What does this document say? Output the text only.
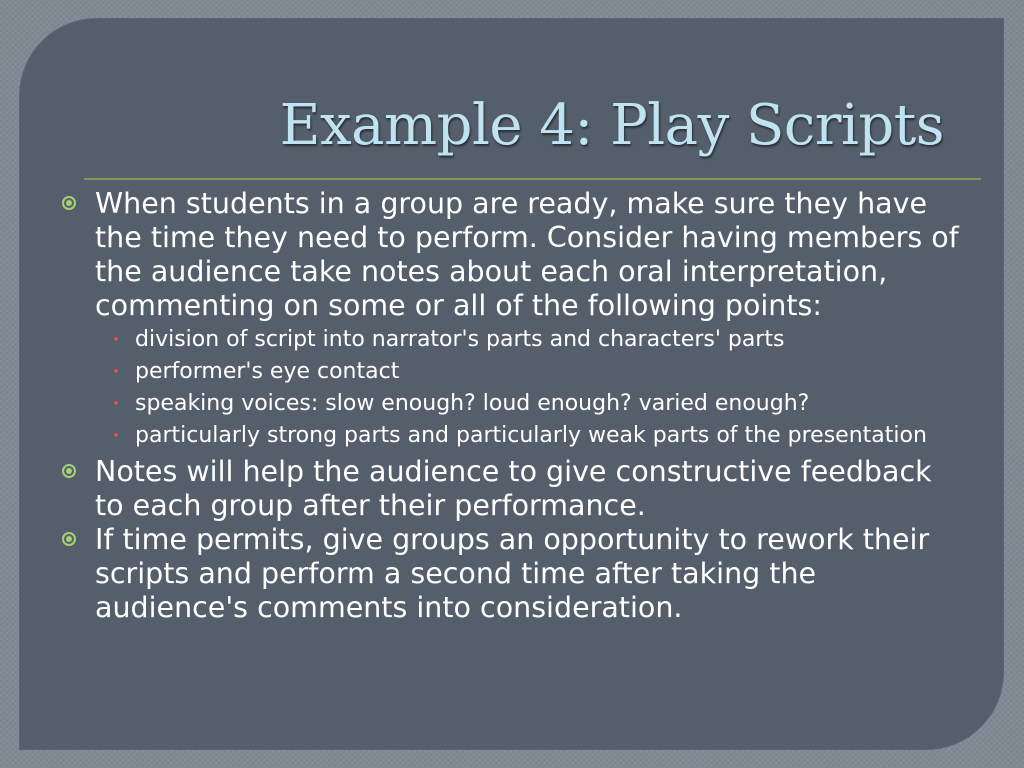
Example 4: Play Scripts
When students in a group are ready, make sure they have the time they need to perform. Consider having members of the audience take notes about each oral interpretation, commenting on some or all of the following points:
• division of script into narrator's parts and characters' parts
• performer's eye contact
• speaking voices: slow enough? loud enough? varied enough?
• particularly strong parts and particularly weak parts of the presentation
Notes will help the audience to give constructive feedback to each group after their performance.
If time permits, give groups an opportunity to rework their scripts and perform a second time after taking the audience's comments into consideration.
